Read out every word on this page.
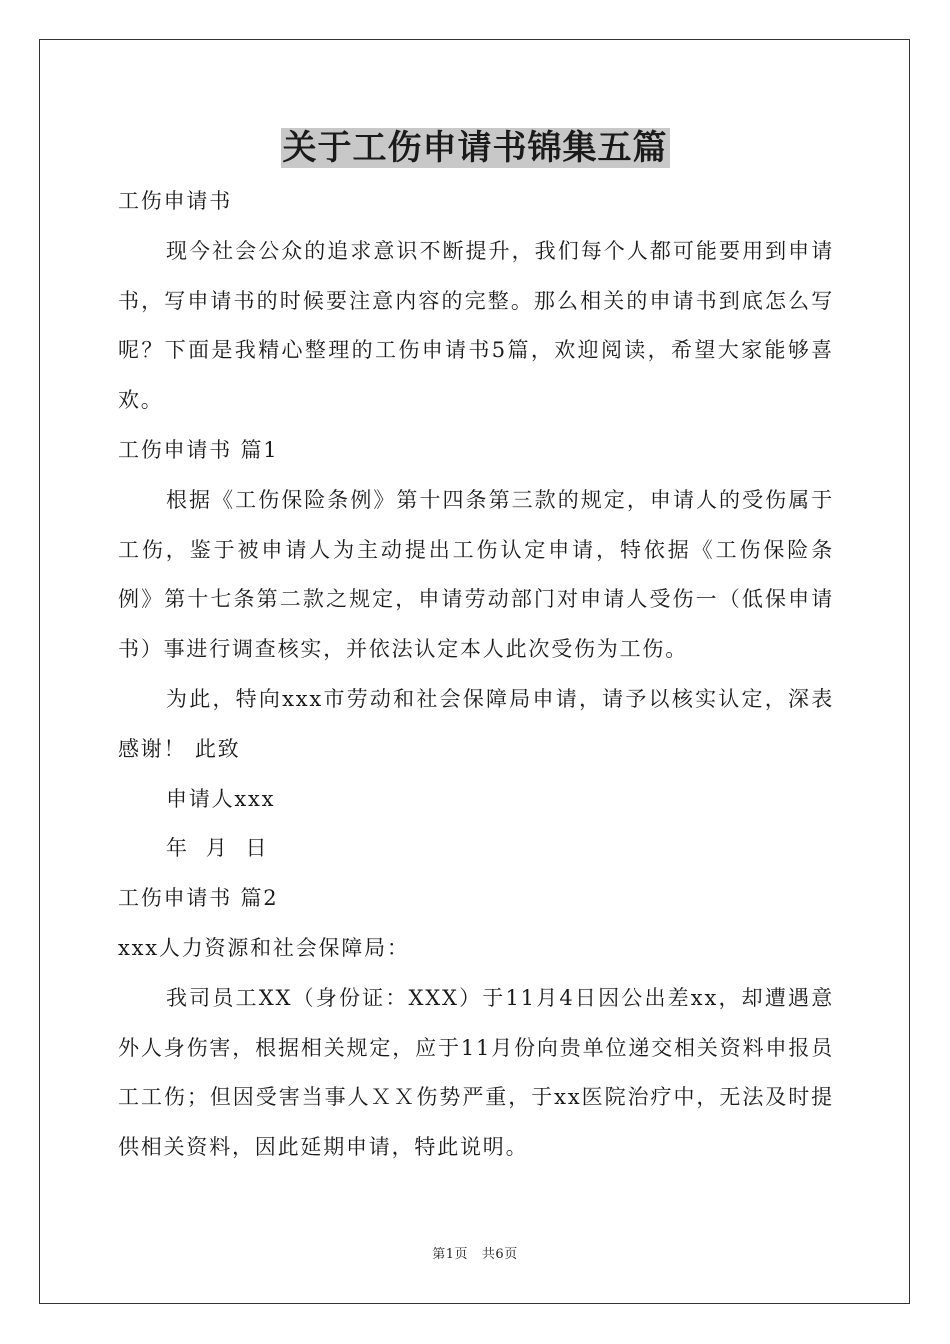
关于工伤申请书锦集五篇

工伤申请书

现今社会公众的追求意识不断提升，我们每个人都可能要用到申请书，写申请书的时候要注意内容的完整。那么相关的申请书到底怎么写呢？下面是我精心整理的工伤申请书5篇，欢迎阅读，希望大家能够喜欢。

工伤申请书 篇1

根据《工伤保险条例》第十四条第三款的规定，申请人的受伤属于工伤，鉴于被申请人为主动提出工伤认定申请，特依据《工伤保险条例》第十七条第二款之规定，申请劳动部门对申请人受伤一（低保申请书）事进行调查核实，并依法认定本人此次受伤为工伤。

为此，特向xxx市劳动和社会保障局申请，请予以核实认定，深表感谢！ 此致

申请人xxx

年  月  日

工伤申请书 篇2

xxx人力资源和社会保障局：

我司员工XX（身份证：XXX）于11月4日因公出差xx，却遭遇意外人身伤害，根据相关规定，应于11月份向贵单位递交相关资料申报员工工伤；但因受害当事人ＸＸ伤势严重，于xx医院治疗中，无法及时提供相关资料，因此延期申请，特此说明。

第1页   共6页
